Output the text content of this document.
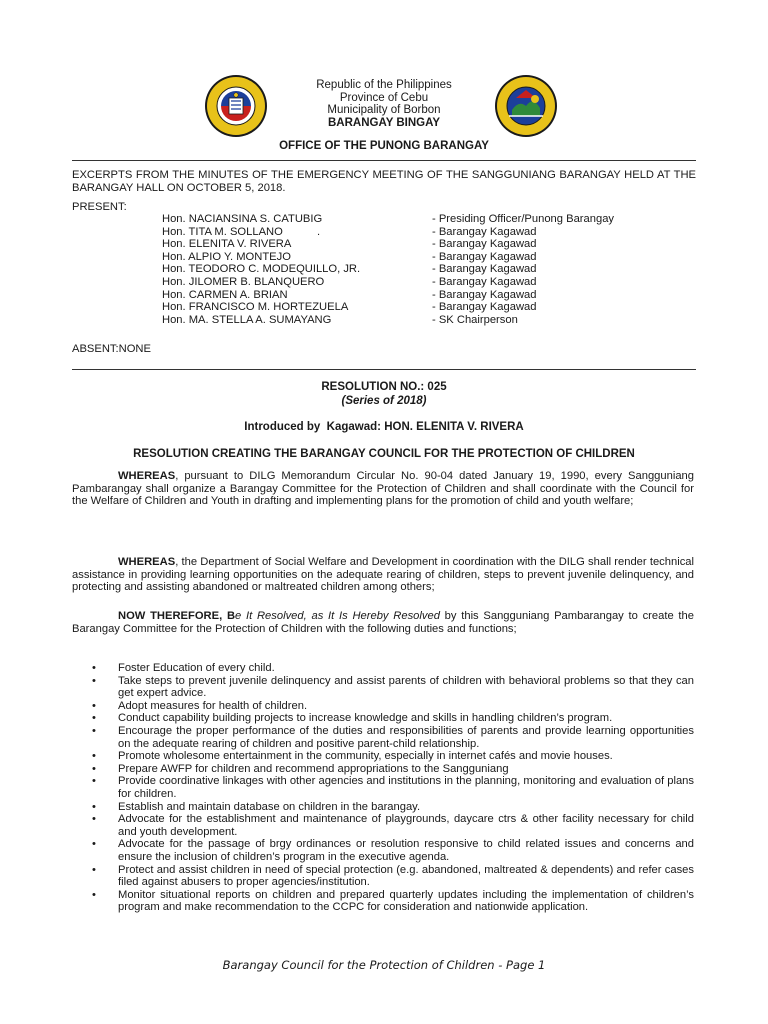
Republic of the Philippines
Province of Cebu
Municipality of Borbon
BARANGAY BINGAY
OFFICE OF THE PUNONG BARANGAY
EXCERPTS FROM THE MINUTES OF THE EMERGENCY MEETING OF THE SANGGUNIANG BARANGAY HELD AT THE BARANGAY HALL ON OCTOBER 5, 2018.
PRESENT:
Hon. NACIANSINA S. CATUBIG	- Presiding Officer/Punong Barangay
Hon. TITA M. SOLLANO           .	- Barangay Kagawad
Hon. ELENITA V. RIVERA	- Barangay Kagawad
Hon. ALPIO Y. MONTEJO	- Barangay Kagawad
Hon. TEODORO C. MODEQUILLO, JR.	- Barangay Kagawad
Hon. JILOMER B. BLANQUERO	- Barangay Kagawad
Hon. CARMEN A. BRIAN	- Barangay Kagawad
Hon. FRANCISCO M. HORTEZUELA	- Barangay Kagawad
Hon. MA. STELLA A. SUMAYANG	- SK Chairperson
ABSENT:NONE
RESOLUTION NO.: 025
(Series of 2018)
Introduced by  Kagawad: HON. ELENITA V. RIVERA
RESOLUTION CREATING THE BARANGAY COUNCIL FOR THE PROTECTION OF CHILDREN
WHEREAS, pursuant to DILG Memorandum Circular No. 90-04 dated January 19, 1990, every Sangguniang Pambarangay shall organize a Barangay Committee for the Protection of Children and shall coordinate with the Council for the Welfare of Children and Youth in drafting and implementing plans for the promotion of child and youth welfare;
WHEREAS, the Department of Social Welfare and Development in coordination with the DILG shall render technical assistance in providing learning opportunities on the adequate rearing of children, steps to prevent juvenile delinquency, and protecting and assisting abandoned or maltreated children among others;
NOW THEREFORE, Be It Resolved, as It Is Hereby Resolved by this Sangguniang Pambarangay to create the Barangay Committee for the Protection of Children with the following duties and functions;
• Foster Education of every child.
• Take steps to prevent juvenile delinquency and assist parents of children with behavioral problems so that they can get expert advice.
• Adopt measures for health of children.
• Conduct capability building projects to increase knowledge and skills in handling children’s program.
• Encourage the proper performance of the duties and responsibilities of parents and provide learning opportunities on the adequate rearing of children and positive parent-child relationship.
• Promote wholesome entertainment in the community, especially in internet cafés and movie houses.
• Prepare AWFP for children and recommend appropriations to the Sangguniang
• Provide coordinative linkages with other agencies and institutions in the planning, monitoring and evaluation of plans for children.
• Establish and maintain database on children in the barangay.
• Advocate for the establishment and maintenance of playgrounds, daycare ctrs & other facility necessary for child and youth development.
• Advocate for the passage of brgy ordinances or resolution responsive to child related issues and concerns and ensure the inclusion of children’s program in the executive agenda.
• Protect and assist children in need of special protection (e.g. abandoned, maltreated & dependents) and refer cases filed against abusers to proper agencies/institution.
• Monitor situational reports on children and prepared quarterly updates including the implementation of children’s program and make recommendation to the CCPC for consideration and nationwide application.
Barangay Council for the Protection of Children - Page 1
